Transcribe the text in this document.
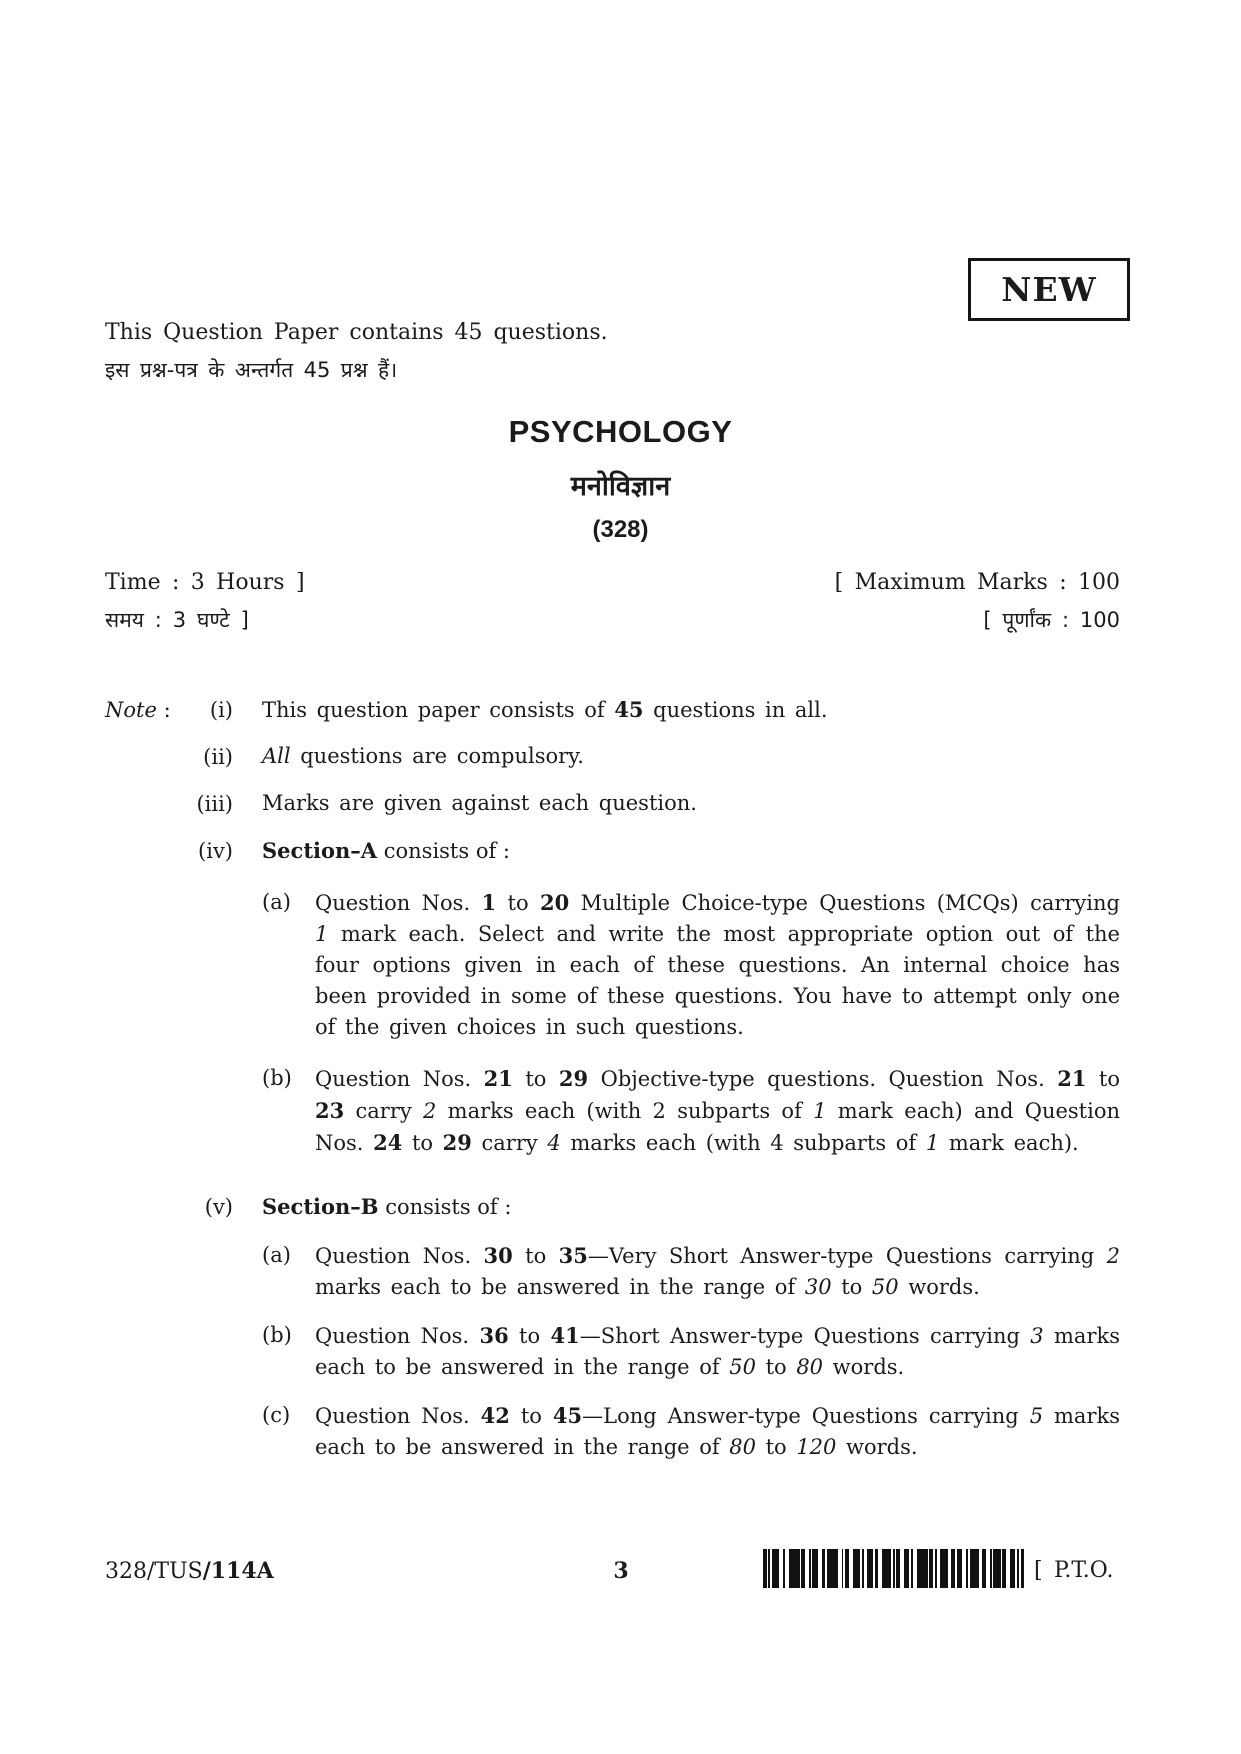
NEW
This Question Paper contains 45 questions.
इस प्रश्न-पत्र के अन्तर्गत 45 प्रश्न हैं।
PSYCHOLOGY
मनोविज्ञान
(328)
Time : 3 Hours ]	[ Maximum Marks : 100
समय : 3 घण्टे ]	[ पूर्णांक : 100
Note : (i)	This question paper consists of 45 questions in all.
(ii)	All questions are compulsory.
(iii)	Marks are given against each question.
(iv)	Section–A consists of :
(a)	Question Nos. 1 to 20 Multiple Choice-type Questions (MCQs) carrying 1 mark each. Select and write the most appropriate option out of the four options given in each of these questions. An internal choice has been provided in some of these questions. You have to attempt only one of the given choices in such questions.
(b)	Question Nos. 21 to 29 Objective-type questions. Question Nos. 21 to 23 carry 2 marks each (with 2 subparts of 1 mark each) and Question Nos. 24 to 29 carry 4 marks each (with 4 subparts of 1 mark each).
(v)	Section–B consists of :
(a)	Question Nos. 30 to 35—Very Short Answer-type Questions carrying 2 marks each to be answered in the range of 30 to 50 words.
(b)	Question Nos. 36 to 41—Short Answer-type Questions carrying 3 marks each to be answered in the range of 50 to 80 words.
(c)	Question Nos. 42 to 45—Long Answer-type Questions carrying 5 marks each to be answered in the range of 80 to 120 words.
328/TUS/114A	3	[ P.T.O.
